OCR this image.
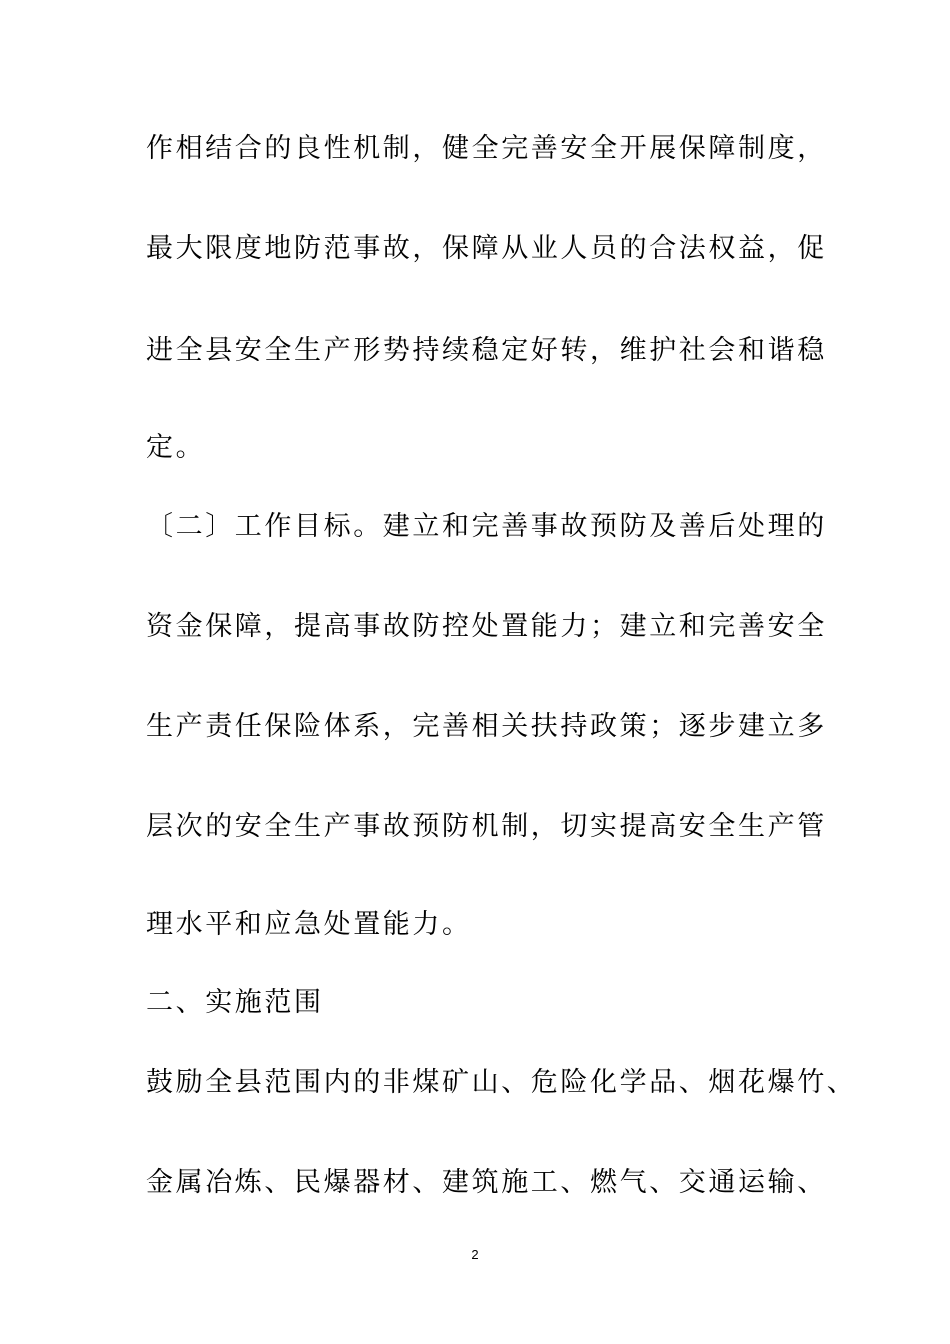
作相结合的良性机制，健全完善安全开展保障制度，
最大限度地防范事故，保障从业人员的合法权益，促
进全县安全生产形势持续稳定好转，维护社会和谐稳
定。
〔二〕工作目标。建立和完善事故预防及善后处理的
资金保障，提高事故防控处置能力；建立和完善安全
生产责任保险体系，完善相关扶持政策；逐步建立多
层次的安全生产事故预防机制，切实提高安全生产管
理水平和应急处置能力。
二、实施范围
鼓励全县范围内的非煤矿山、危险化学品、烟花爆竹、
金属冶炼、民爆器材、建筑施工、燃气、交通运输、
2
